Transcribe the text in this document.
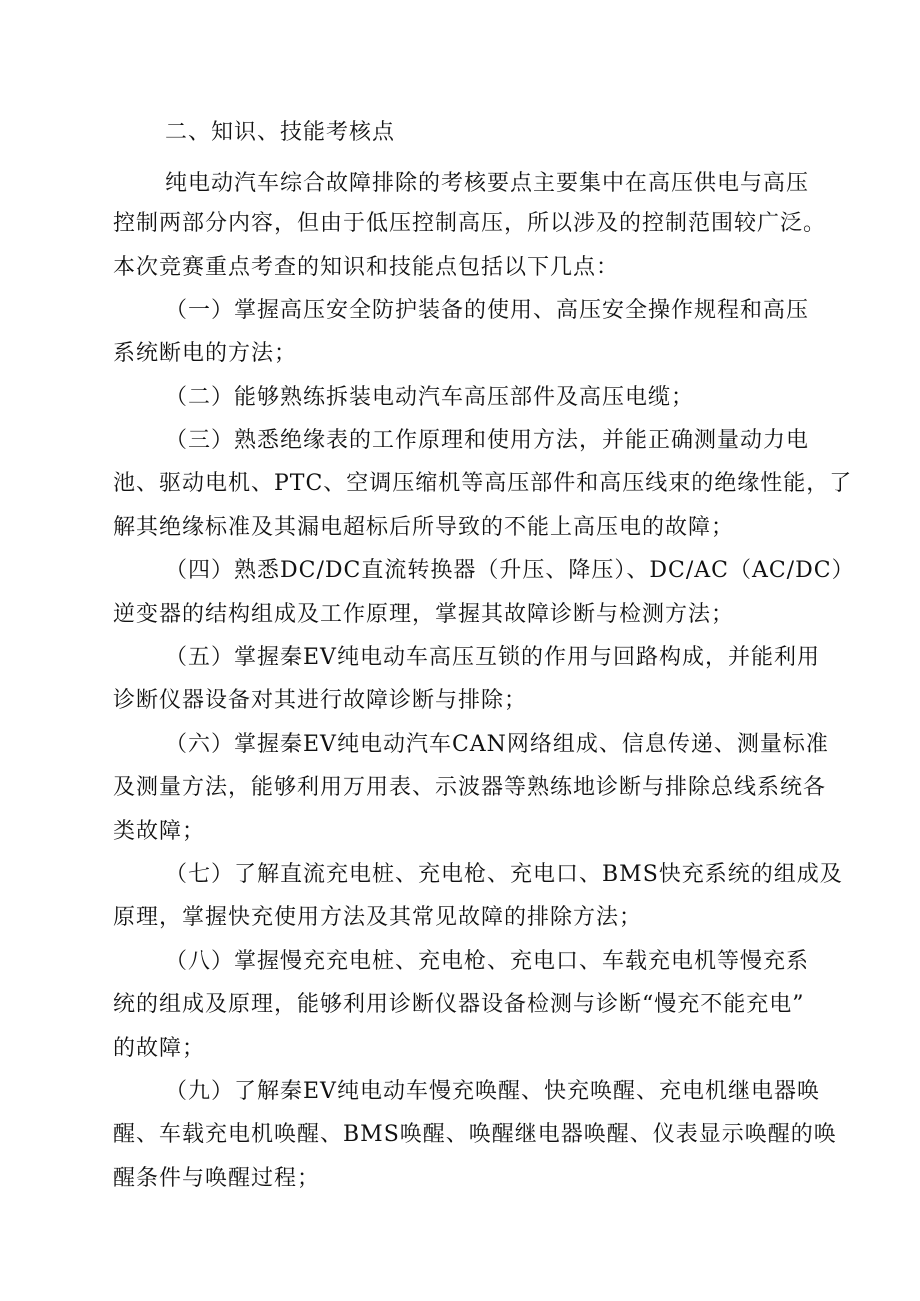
二、知识、技能考核点
纯电动汽车综合故障排除的考核要点主要集中在高压供电与高压
控制两部分内容，但由于低压控制高压，所以涉及的控制范围较广泛。
本次竞赛重点考查的知识和技能点包括以下几点：
（一）掌握高压安全防护装备的使用、高压安全操作规程和高压
系统断电的方法；
（二）能够熟练拆装电动汽车高压部件及高压电缆；
（三）熟悉绝缘表的工作原理和使用方法，并能正确测量动力电
池、驱动电机、PTC、空调压缩机等高压部件和高压线束的绝缘性能，了
解其绝缘标准及其漏电超标后所导致的不能上高压电的故障；
（四）熟悉DC/DC直流转换器（升压、降压）、DC/AC（AC/DC）
逆变器的结构组成及工作原理，掌握其故障诊断与检测方法；
（五）掌握秦EV纯电动车高压互锁的作用与回路构成，并能利用
诊断仪器设备对其进行故障诊断与排除；
（六）掌握秦EV纯电动汽车CAN网络组成、信息传递、测量标准
及测量方法，能够利用万用表、示波器等熟练地诊断与排除总线系统各
类故障；
（七）了解直流充电桩、充电枪、充电口、BMS快充系统的组成及
原理，掌握快充使用方法及其常见故障的排除方法；
（八）掌握慢充充电桩、充电枪、充电口、车载充电机等慢充系
统的组成及原理，能够利用诊断仪器设备检测与诊断“慢充不能充电”
的故障；
（九）了解秦EV纯电动车慢充唤醒、快充唤醒、充电机继电器唤
醒、车载充电机唤醒、BMS唤醒、唤醒继电器唤醒、仪表显示唤醒的唤
醒条件与唤醒过程；
